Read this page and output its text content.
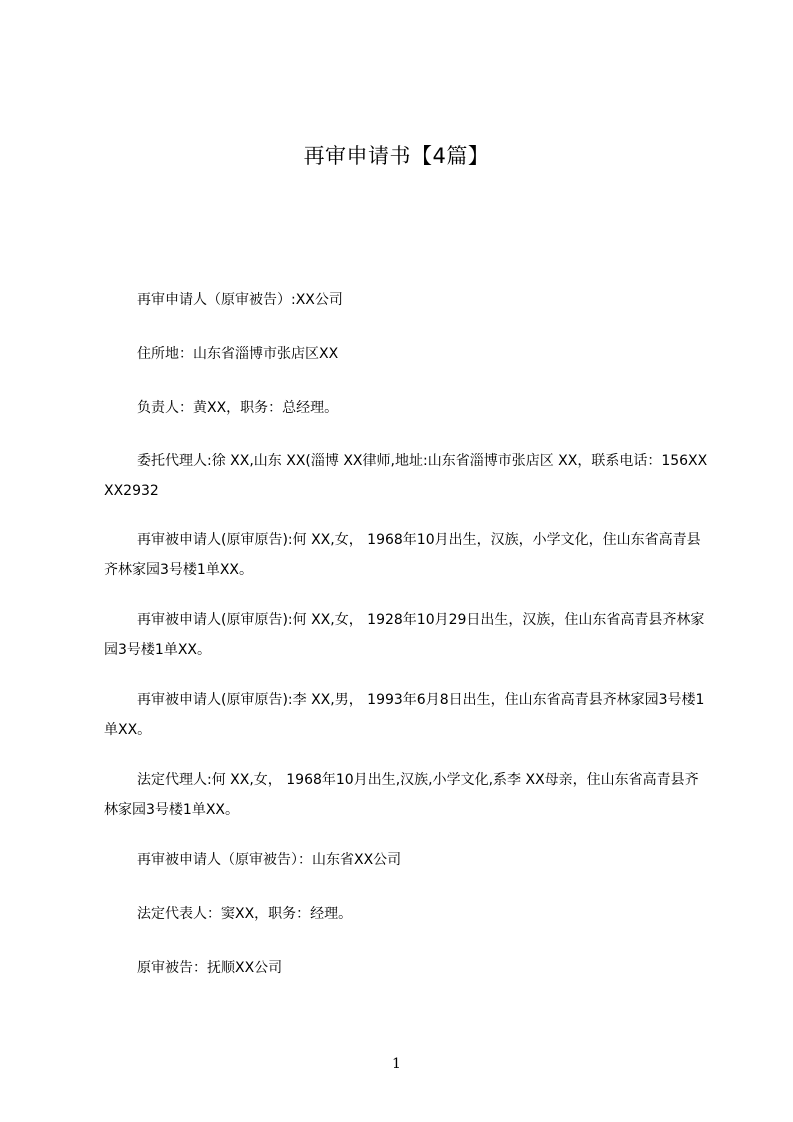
再审申请书【4篇】
再审申请人（原审被告）:XX公司
住所地：山东省淄博市张店区XX
负责人：黄XX，职务：总经理。
委托代理人:徐 XX,山东 XX(淄博 XX律师,地址:山东省淄博市张店区 XX，联系电话：156XXXX2932
再审被申请人(原审原告):何 XX,女， 1968年10月出生，汉族，小学文化，住山东省高青县齐林家园3号楼1单XX。
再审被申请人(原审原告):何 XX,女， 1928年10月29日出生，汉族，住山东省高青县齐林家园3号楼1单XX。
再审被申请人(原审原告):李 XX,男， 1993年6月8日出生，住山东省高青县齐林家园3号楼1单XX。
法定代理人:何 XX,女， 1968年10月出生,汉族,小学文化,系李 XX母亲，住山东省高青县齐林家园3号楼1单XX。
再审被申请人（原审被告）：山东省XX公司
法定代表人：窦XX，职务：经理。
原审被告：抚顺XX公司
1
